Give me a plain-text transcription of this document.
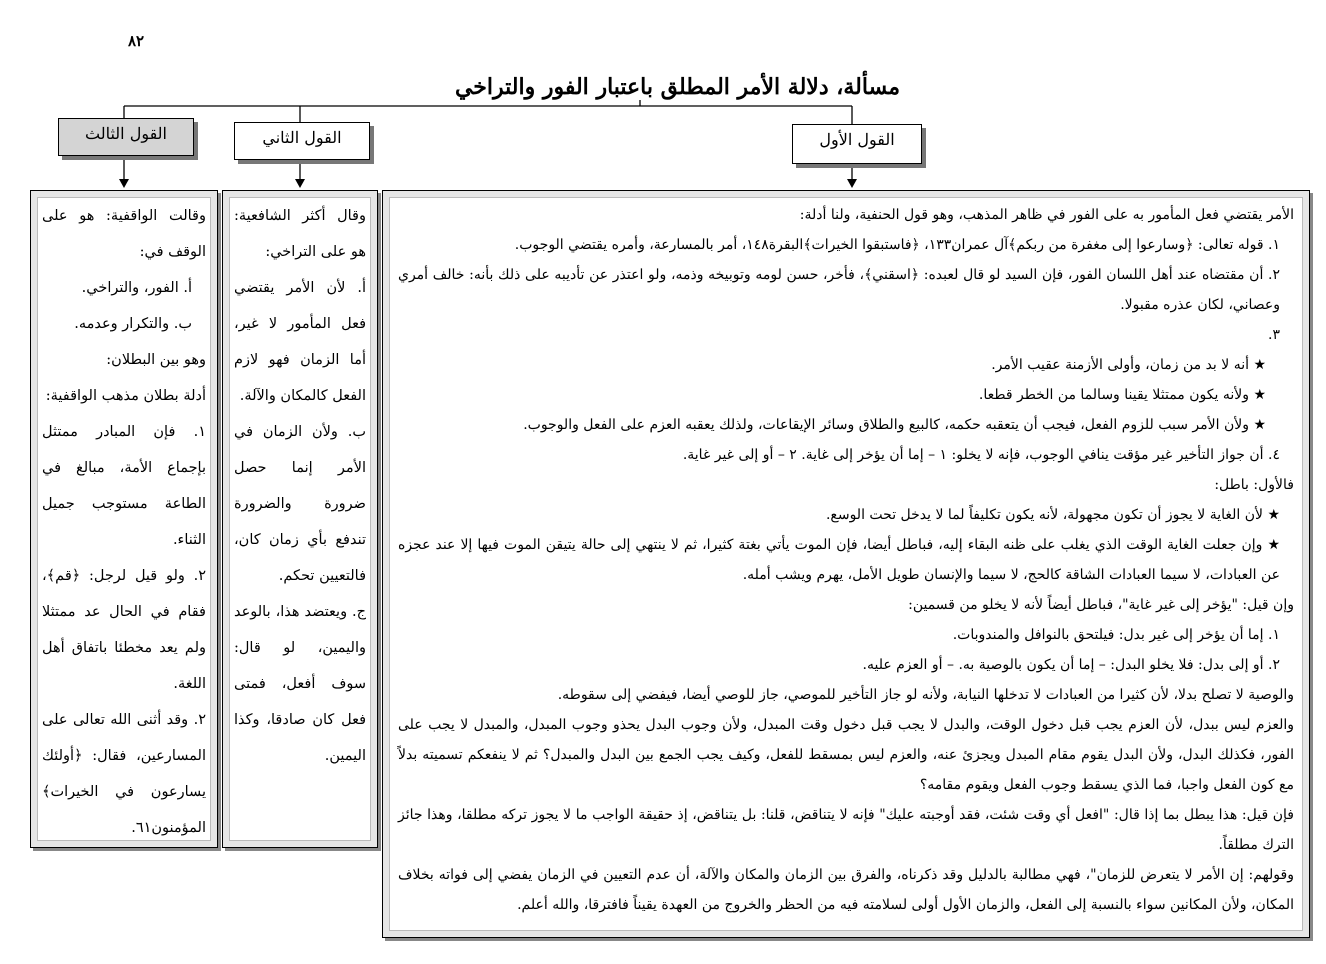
٨٢
مسألة، دلالة الأمر المطلق باعتبار الفور والتراخي
القول الثالث	القول الثاني	القول الأول

وقالت الواقفية: هو على الوقف في:

أ. الفور، والتراخي.

ب. والتكرار وعدمه.

وهو بين البطلان:

أدلة بطلان مذهب الواقفية:

١. فإن المبادر ممتثل بإجماع الأمة، مبالغ في الطاعة مستوجب جميل الثناء.

٢. ولو قيل لرجل: ﴿قم﴾، فقام في الحال عد ممتثلا ولم يعد مخطئا باتفاق أهل اللغة.

٢. وقد أثنى الله تعالى على المسارعين، فقال: ﴿أولئك يسارعون في الخيرات﴾المؤمنون٦١.

وقال أكثر الشافعية: هو على التراخي:

أ. لأن الأمر يقتضي فعل المأمور لا غير، أما الزمان فهو لازم الفعل كالمكان والآلة.

ب. ولأن الزمان في الأمر إنما حصل ضرورة والضرورة تندفع بأي زمان كان، فالتعيين تحكم.

ج. ويعتضد هذا، بالوعد واليمين، لو قال: سوف أفعل، فمتى فعل كان صادقا، وكذا اليمين.

الأمر يقتضي فعل المأمور به على الفور في ظاهر المذهب، وهو قول الحنفية، ولنا أدلة:

١. قوله تعالى: ﴿وسارعوا إلى مغفرة من ربكم﴾آل عمران١٣٣، ﴿فاستبقوا الخيرات﴾البقرة١٤٨، أمر بالمسارعة، وأمره يقتضي الوجوب.

٢. أن مقتضاه عند أهل اللسان الفور، فإن السيد لو قال لعبده: ﴿اسقني﴾، فأخر، حسن لومه وتوبيخه وذمه، ولو اعتذر عن تأديبه على ذلك بأنه: خالف أمري وعصاني، لكان عذره مقبولا.

٣.

★ أنه لا بد من زمان، وأولى الأزمنة عقيب الأمر.

★ ولأنه يكون ممتثلا يقينا وسالما من الخطر قطعا.

★ ولأن الأمر سبب للزوم الفعل، فيجب أن يتعقبه حكمه، كالبيع والطلاق وسائر الإيقاعات، ولذلك يعقبه العزم على الفعل والوجوب.

٤. أن جواز التأخير غير مؤقت ينافي الوجوب، فإنه لا يخلو: ١ – إما أن يؤخر إلى غاية. ٢ – أو إلى غير غاية.

فالأول: باطل:

★ لأن الغاية لا يجوز أن تكون مجهولة، لأنه يكون تكليفاً لما لا يدخل تحت الوسع.

★ وإن جعلت الغاية الوقت الذي يغلب على ظنه البقاء إليه، فباطل أيضا، فإن الموت يأتي بغتة كثيرا، ثم لا ينتهي إلى حالة يتيقن الموت فيها إلا عند عجزه عن العبادات، لا سيما العبادات الشاقة كالحج، لا سيما والإنسان طويل الأمل، يهرم ويشب أمله.

وإن قيل: "يؤخر إلى غير غاية"، فباطل أيضاً لأنه لا يخلو من قسمين:

١. إما أن يؤخر إلى غير بدل: فيلتحق بالنوافل والمندوبات.

٢. أو إلى بدل: فلا يخلو البدل: – إما أن يكون بالوصية به. – أو العزم عليه.

والوصية لا تصلح بدلا، لأن كثيرا من العبادات لا تدخلها النيابة، ولأنه لو جاز التأخير للموصي، جاز للوصي أيضا، فيفضي إلى سقوطه.

والعزم ليس ببدل، لأن العزم يجب قبل دخول الوقت، والبدل لا يجب قبل دخول وقت المبدل، ولأن وجوب البدل يحذو وجوب المبدل، والمبدل لا يجب على الفور، فكذلك البدل، ولأن البدل يقوم مقام المبدل ويجزئ عنه، والعزم ليس بمسقط للفعل، وكيف يجب الجمع بين البدل والمبدل؟ ثم لا ينفعكم تسميته بدلاً مع كون الفعل واجبا، فما الذي يسقط وجوب الفعل ويقوم مقامه؟

فإن قيل: هذا يبطل بما إذا قال: "افعل أي وقت شئت، فقد أوجبته عليك" فإنه لا يتناقض، قلنا: بل يتناقض، إذ حقيقة الواجب ما لا يجوز تركه مطلقا، وهذا جائز الترك مطلقاً.

وقولهم: إن الأمر لا يتعرض للزمان"، فهي مطالبة بالدليل وقد ذكرناه، والفرق بين الزمان والمكان والآلة، أن عدم التعيين في الزمان يفضي إلى فواته بخلاف المكان، ولأن المكانين سواء بالنسبة إلى الفعل، والزمان الأول أولى لسلامته فيه من الحظر والخروج من العهدة يقيناً فافترقا، والله أعلم.
